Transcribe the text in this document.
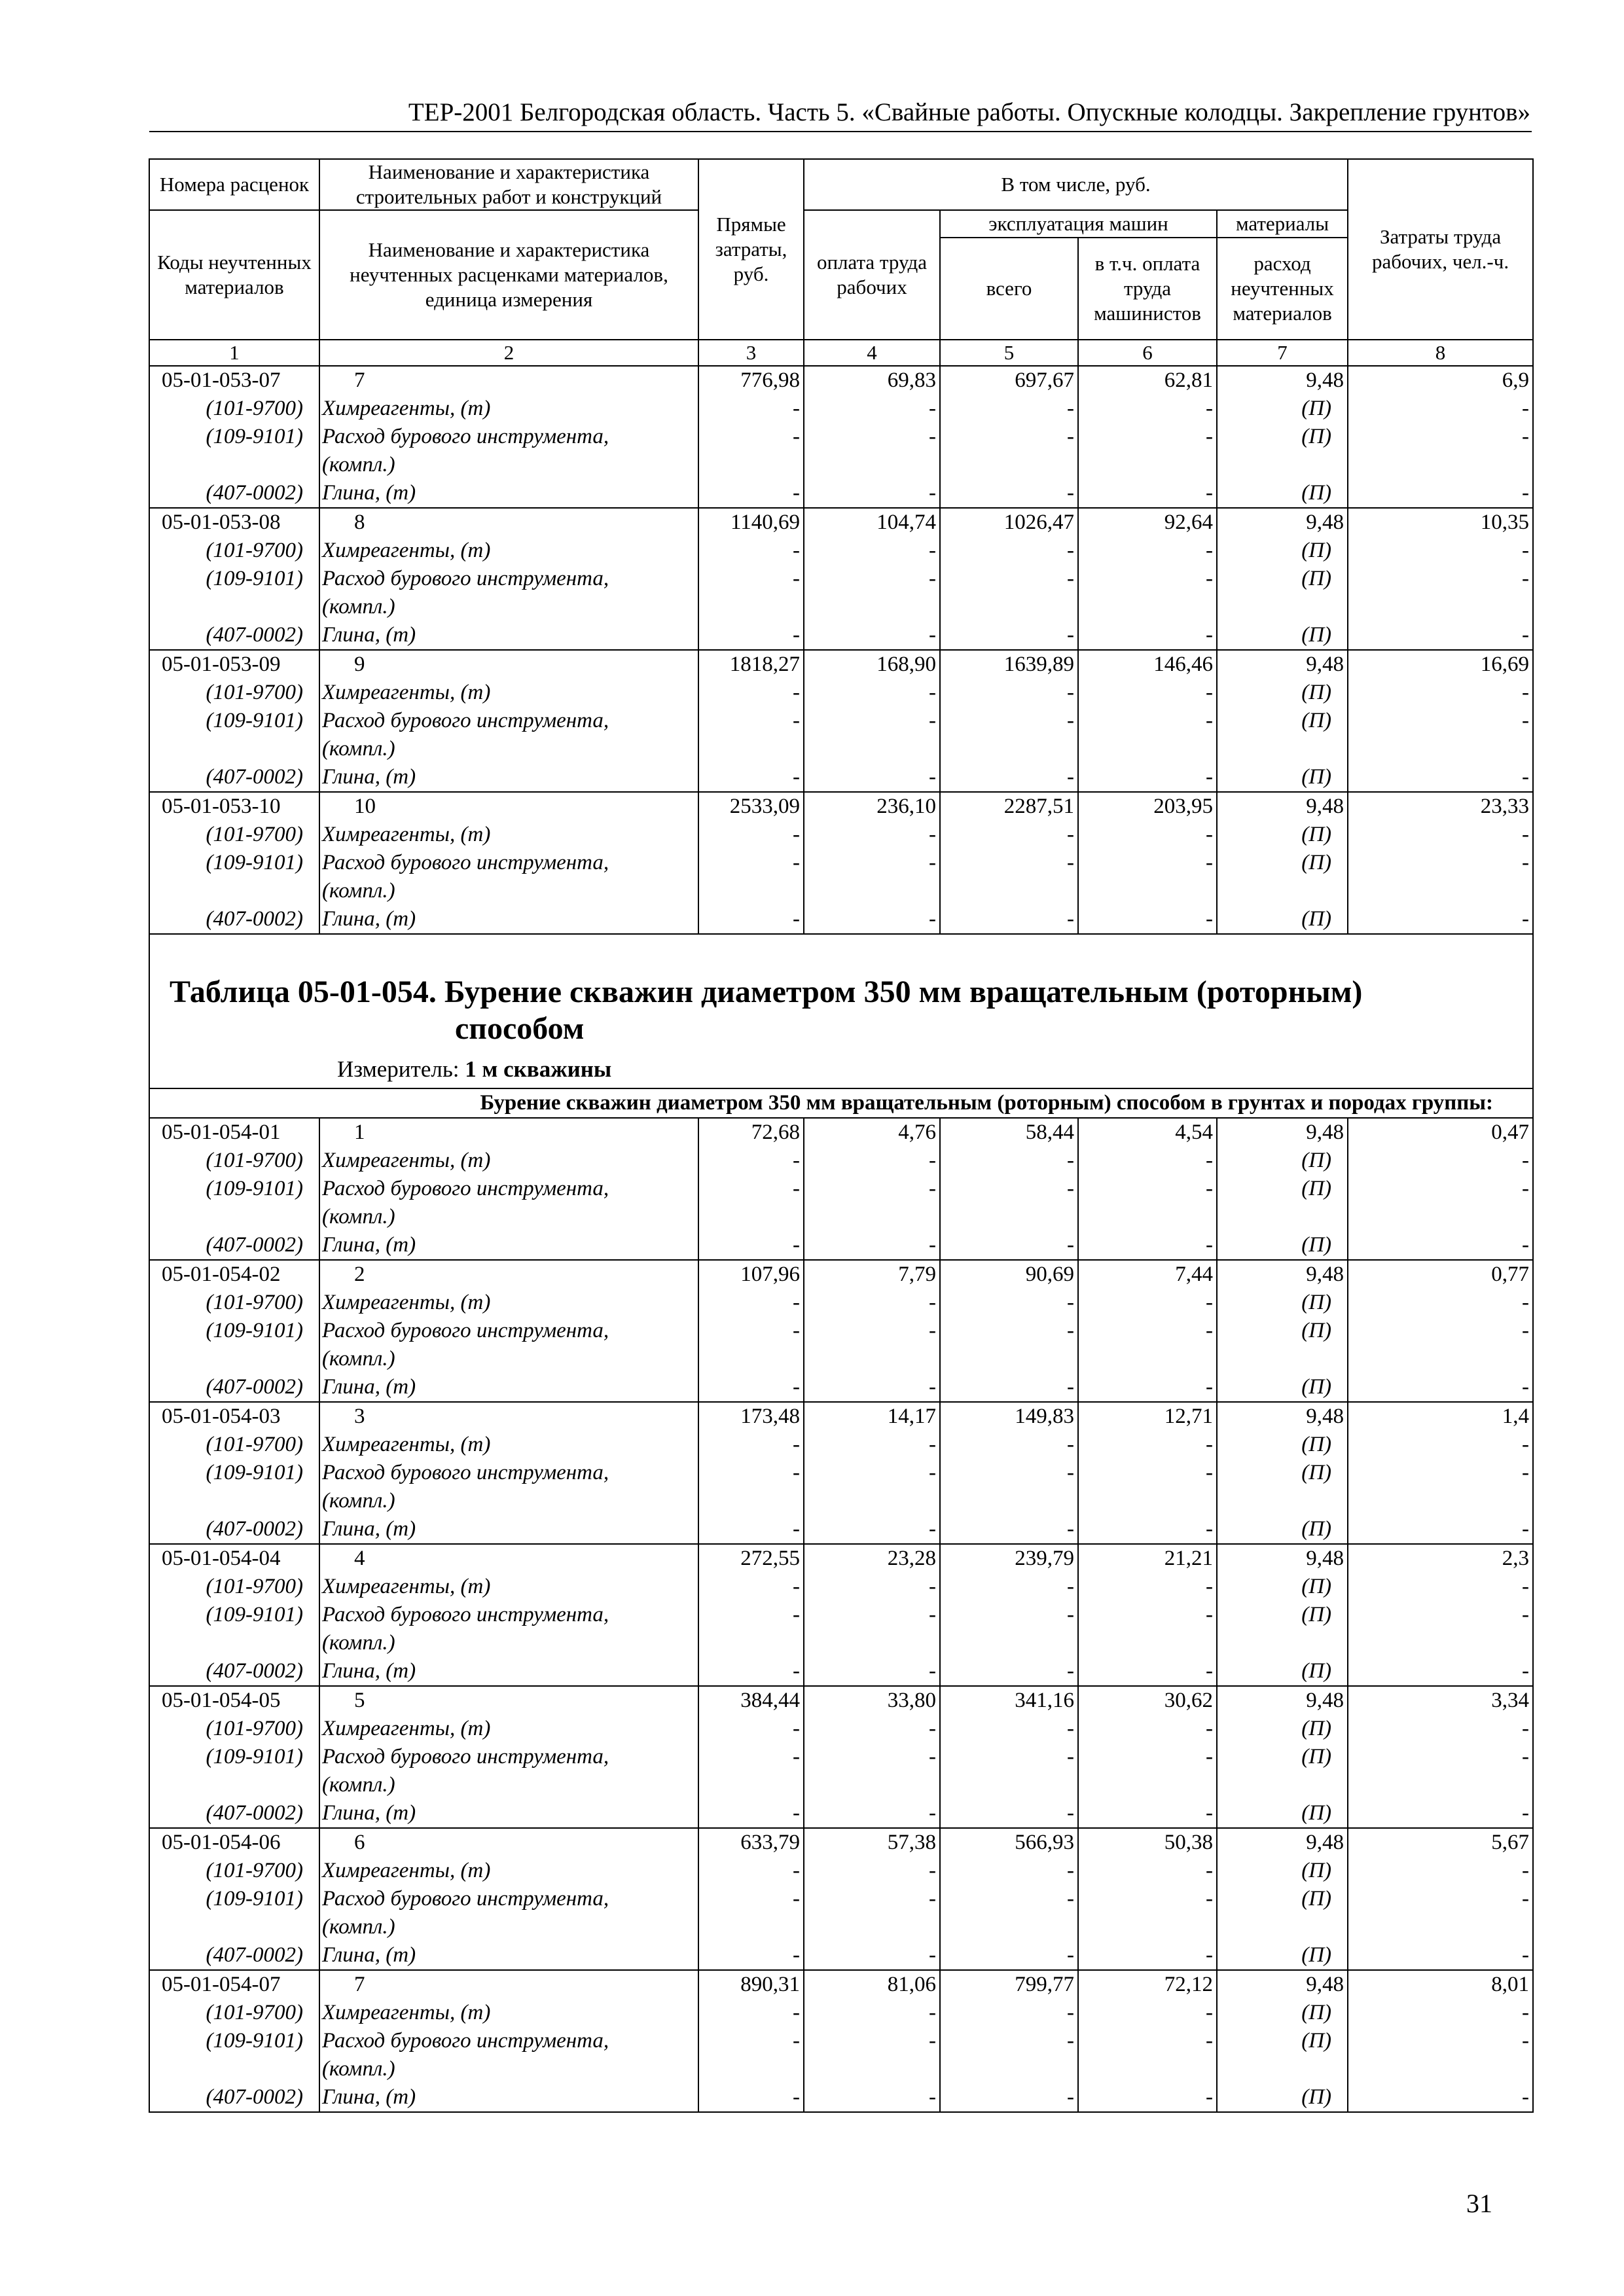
ТЕР-2001 Белгородская область. Часть 5. «Свайные работы. Опускные колодцы. Закрепление грунтов»
Номера расценок	Наименование и характеристика строительных работ и конструкций	Прямые затраты, руб.	В том числе, руб.				Затраты труда рабочих, чел.-ч.
Коды неучтенных материалов	Наименование и характеристика неучтенных расценками материалов, единица измерения		оплата труда рабочих	эксплуатация машин		материалы	
				всего	в т.ч. оплата труда машинистов	расход неучтенных материалов	
1	2	3	4	5	6	7	8
05-01-053-07	7	776,98	69,83	697,67	62,81	9,48	6,9
(101-9700)	Химреагенты, (т)	-	-	-	-	(П)	-
(109-9101)	Расход бурового инструмента,	-	-	-	-	(П)	-
	(компл.)						
(407-0002)	Глина, (т)	-	-	-	-	(П)	-
05-01-053-08	8	1140,69	104,74	1026,47	92,64	9,48	10,35
(101-9700)	Химреагенты, (т)	-	-	-	-	(П)	-
(109-9101)	Расход бурового инструмента,	-	-	-	-	(П)	-
	(компл.)						
(407-0002)	Глина, (т)	-	-	-	-	(П)	-
05-01-053-09	9	1818,27	168,90	1639,89	146,46	9,48	16,69
(101-9700)	Химреагенты, (т)	-	-	-	-	(П)	-
(109-9101)	Расход бурового инструмента,	-	-	-	-	(П)	-
	(компл.)						
(407-0002)	Глина, (т)	-	-	-	-	(П)	-
05-01-053-10	10	2533,09	236,10	2287,51	203,95	9,48	23,33
(101-9700)	Химреагенты, (т)	-	-	-	-	(П)	-
(109-9101)	Расход бурового инструмента,	-	-	-	-	(П)	-
	(компл.)						
(407-0002)	Глина, (т)	-	-	-	-	(П)	-

Таблица 05-01-054. Бурение скважин диаметром 350 мм вращательным (роторным)
способом
Измеритель: 1 м скважины							

Бурение скважин диаметром 350 мм вращательным (роторным) способом в грунтах и породах группы:							
05-01-054-01	1	72,68	4,76	58,44	4,54	9,48	0,47
(101-9700)	Химреагенты, (т)	-	-	-	-	(П)	-
(109-9101)	Расход бурового инструмента,	-	-	-	-	(П)	-
	(компл.)						
(407-0002)	Глина, (т)	-	-	-	-	(П)	-
05-01-054-02	2	107,96	7,79	90,69	7,44	9,48	0,77
(101-9700)	Химреагенты, (т)	-	-	-	-	(П)	-
(109-9101)	Расход бурового инструмента,	-	-	-	-	(П)	-
	(компл.)						
(407-0002)	Глина, (т)	-	-	-	-	(П)	-
05-01-054-03	3	173,48	14,17	149,83	12,71	9,48	1,4
(101-9700)	Химреагенты, (т)	-	-	-	-	(П)	-
(109-9101)	Расход бурового инструмента,	-	-	-	-	(П)	-
	(компл.)						
(407-0002)	Глина, (т)	-	-	-	-	(П)	-
05-01-054-04	4	272,55	23,28	239,79	21,21	9,48	2,3
(101-9700)	Химреагенты, (т)	-	-	-	-	(П)	-
(109-9101)	Расход бурового инструмента,	-	-	-	-	(П)	-
	(компл.)						
(407-0002)	Глина, (т)	-	-	-	-	(П)	-
05-01-054-05	5	384,44	33,80	341,16	30,62	9,48	3,34
(101-9700)	Химреагенты, (т)	-	-	-	-	(П)	-
(109-9101)	Расход бурового инструмента,	-	-	-	-	(П)	-
	(компл.)						
(407-0002)	Глина, (т)	-	-	-	-	(П)	-
05-01-054-06	6	633,79	57,38	566,93	50,38	9,48	5,67
(101-9700)	Химреагенты, (т)	-	-	-	-	(П)	-
(109-9101)	Расход бурового инструмента,	-	-	-	-	(П)	-
	(компл.)						
(407-0002)	Глина, (т)	-	-	-	-	(П)	-
05-01-054-07	7	890,31	81,06	799,77	72,12	9,48	8,01
(101-9700)	Химреагенты, (т)	-	-	-	-	(П)	-
(109-9101)	Расход бурового инструмента,	-	-	-	-	(П)	-
	(компл.)						
(407-0002)	Глина, (т)	-	-	-	-	(П)	-
31
